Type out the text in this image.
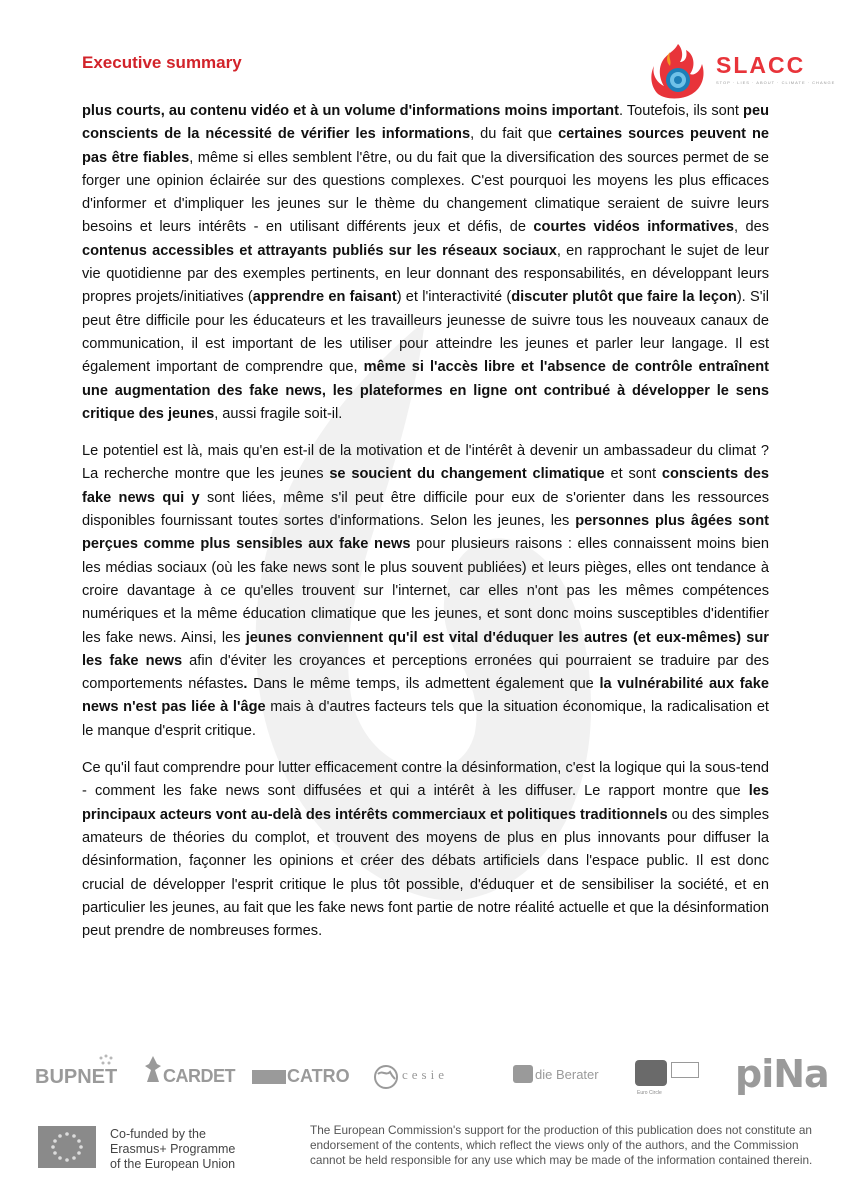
Executive summary	SLACC
STOP · LIES · ABOUT · CLIMATE · CHANGE

plus courts, au contenu vidéo et à un volume d'informations moins important. Toutefois, ils sont peu conscients de la nécessité de vérifier les informations, du fait que certaines sources peuvent ne pas être fiables, même si elles semblent l'être, ou du fait que la diversification des sources permet de se forger une opinion éclairée sur des questions complexes. C'est pourquoi les moyens les plus efficaces d'informer et d'impliquer les jeunes sur le thème du changement climatique seraient de suivre leurs besoins et leurs intérêts - en utilisant différents jeux et défis, de courtes vidéos informatives, des contenus accessibles et attrayants publiés sur les réseaux sociaux, en rapprochant le sujet de leur vie quotidienne par des exemples pertinents, en leur donnant des responsabilités, en développant leurs propres projets/initiatives (apprendre en faisant) et l'interactivité (discuter plutôt que faire la leçon). S'il peut être difficile pour les éducateurs et les travailleurs jeunesse de suivre tous les nouveaux canaux de communication, il est important de les utiliser pour atteindre les jeunes et parler leur langage. Il est également important de comprendre que, même si l'accès libre et l'absence de contrôle entraînent une augmentation des fake news, les plateformes en ligne ont contribué à développer le sens critique des jeunes, aussi fragile soit-il.

Le potentiel est là, mais qu'en est-il de la motivation et de l'intérêt à devenir un ambassadeur du climat ? La recherche montre que les jeunes se soucient du changement climatique et sont conscients des fake news qui y sont liées, même s'il peut être difficile pour eux de s'orienter dans les ressources disponibles fournissant toutes sortes d'informations. Selon les jeunes, les personnes plus âgées sont perçues comme plus sensibles aux fake news pour plusieurs raisons : elles connaissent moins bien les médias sociaux (où les fake news sont le plus souvent publiées) et leurs pièges, elles ont tendance à croire davantage à ce qu'elles trouvent sur l'internet, car elles n'ont pas les mêmes compétences numériques et la même éducation climatique que les jeunes, et sont donc moins susceptibles d'identifier les fake news. Ainsi, les jeunes conviennent qu'il est vital d'éduquer les autres (et eux-mêmes) sur les fake news afin d'éviter les croyances et perceptions erronées qui pourraient se traduire par des comportements néfastes. Dans le même temps, ils admettent également que la vulnérabilité aux fake news n'est pas liée à l'âge mais à d'autres facteurs tels que la situation économique, la radicalisation et le manque d'esprit critique.

Ce qu'il faut comprendre pour lutter efficacement contre la désinformation, c'est la logique qui la sous-tend - comment les fake news sont diffusées et qui a intérêt à les diffuser. Le rapport montre que les principaux acteurs vont au-delà des intérêts commerciaux et politiques traditionnels ou des simples amateurs de théories du complot, et trouvent des moyens de plus en plus innovants pour diffuser la désinformation, façonner les opinions et créer des débats artificiels dans l'espace public. Il est donc crucial de développer l'esprit critique le plus tôt possible, d'éduquer et de sensibiliser la société, et en particulier les jeunes, au fait que les fake news font partie de notre réalité actuelle et que la désinformation peut prendre de nombreuses formes.

BUPNET	CARDET	CATRO	cesie	die Berater
Euro Circle piNa
Co-funded by the
Erasmus+ Programme
of the European Union
The European Commission's support for the production of this publication does not constitute an endorsement of the contents, which reflect the views only of the authors, and the Commission cannot be held responsible for any use which may be made of the information contained therein.
